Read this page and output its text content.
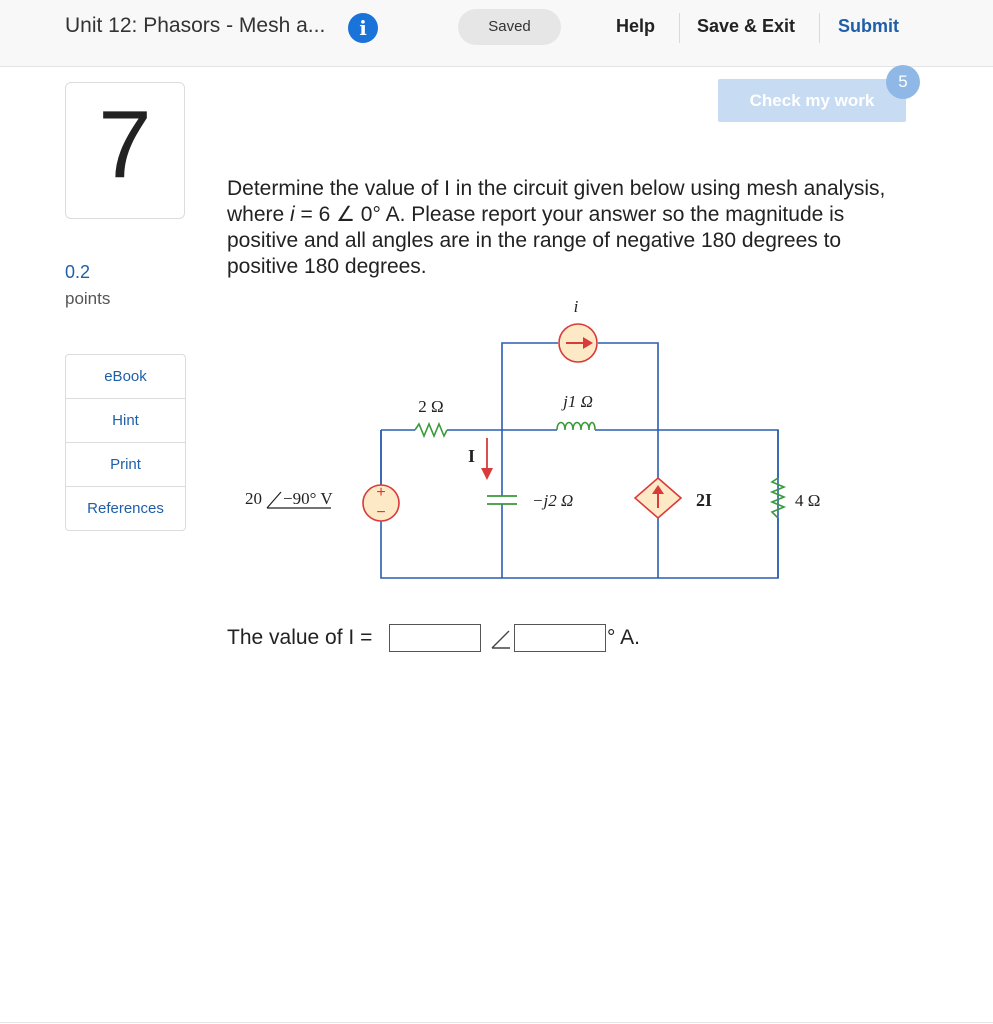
Unit 12: Phasors - Mesh a...	i	Saved	Help Save & Exit Submit
7
0.2
points
eBook
Hint
Print
References
Check my work
5
Determine the value of I in the circuit given below using mesh analysis, where i = 6 ∠ 0° A. Please report your answer so the magnitude is positive and all angles are in the range of negative 180 degrees to positive 180 degrees.
+
−
20 −90° V
2 Ω
I
j1 Ω
i
−j2 Ω	2I	4 Ω
The value of I =	° A.
